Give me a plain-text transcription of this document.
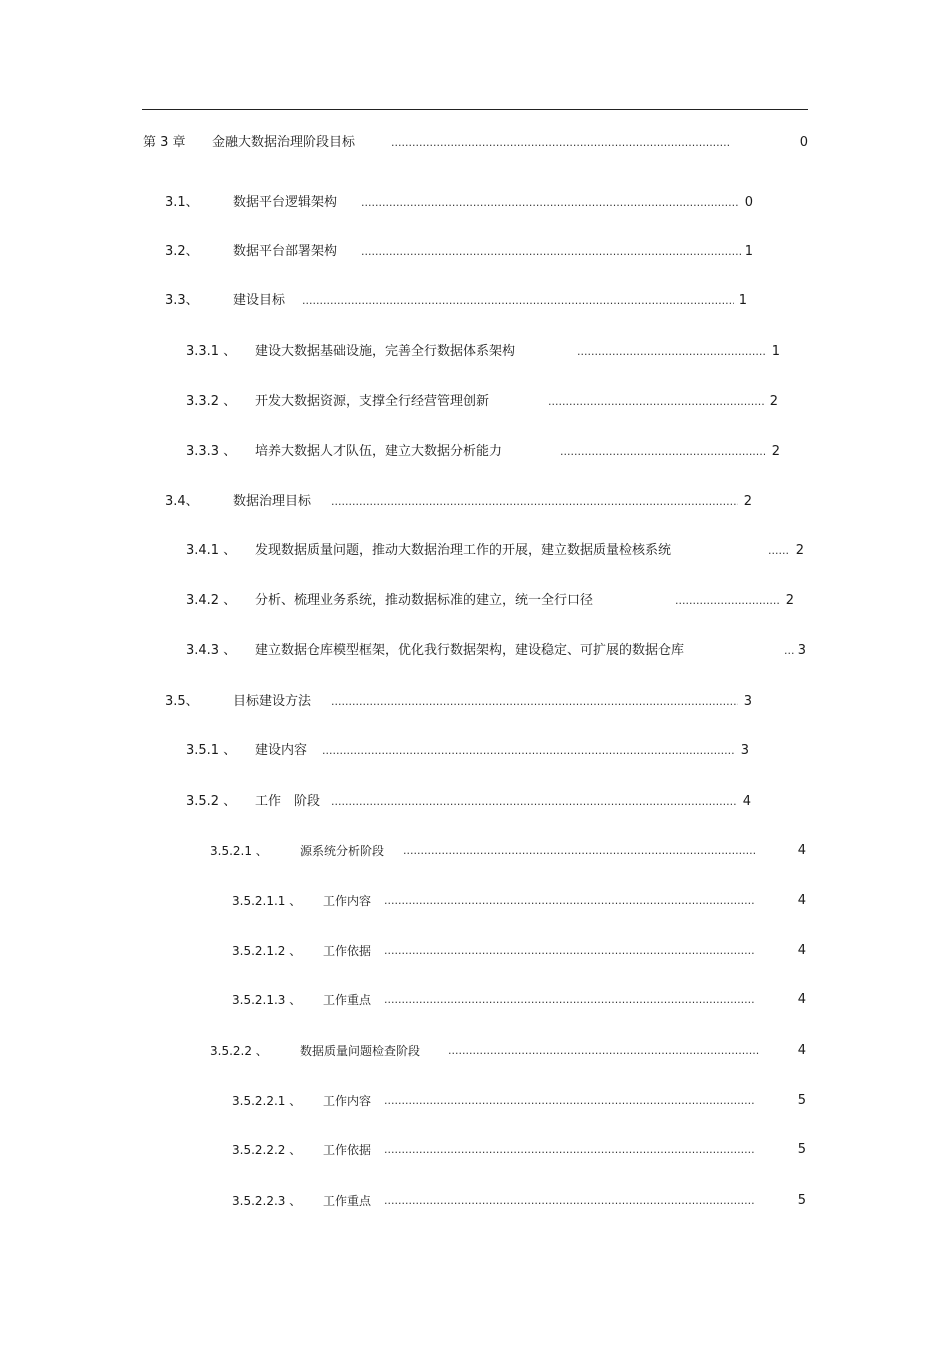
第 3 章 金融大数据治理阶段目标 .....	0
3.1、	数据平台逻辑架构 .....	0
3.2、	数据平台部署架构 .....	1
3.3、	建设目标 .....	1
3.3.1 、 建设大数据基础设施，完善全行数据体系架构 .....	1
3.3.2 、 开发大数据资源，支撑全行经营管理创新 .....	2
3.3.3 、 培养大数据人才队伍，建立大数据分析能力 .....	2
3.4、	数据治理目标 .....	2
3.4.1 、 发现数据质量问题，推动大数据治理工作的开展，建立数据质量检核系统 .....	2
3.4.2 、 分析、梳理业务系统，推动数据标准的建立，统一全行口径 .....	2
3.4.3 、 建立数据仓库模型框架，优化我行数据架构，建设稳定、可扩展的数据仓库 .....	3
3.5、	目标建设方法 .....	3
3.5.1 、 建设内容 .....	3
3.5.2 、 工作　阶段 .....	4
3.5.2.1 、	源系统分析阶段 .....	4
3.5.2.1.1 、 工作内容 .....	4
3.5.2.1.2 、 工作依据 .....	4
3.5.2.1.3 、 工作重点 .....	4
3.5.2.2 、	数据质量问题检查阶段 .....	4
3.5.2.2.1 、 工作内容 .....	5
3.5.2.2.2 、 工作依据 .....	5
3.5.2.2.3 、 工作重点 .....	5
